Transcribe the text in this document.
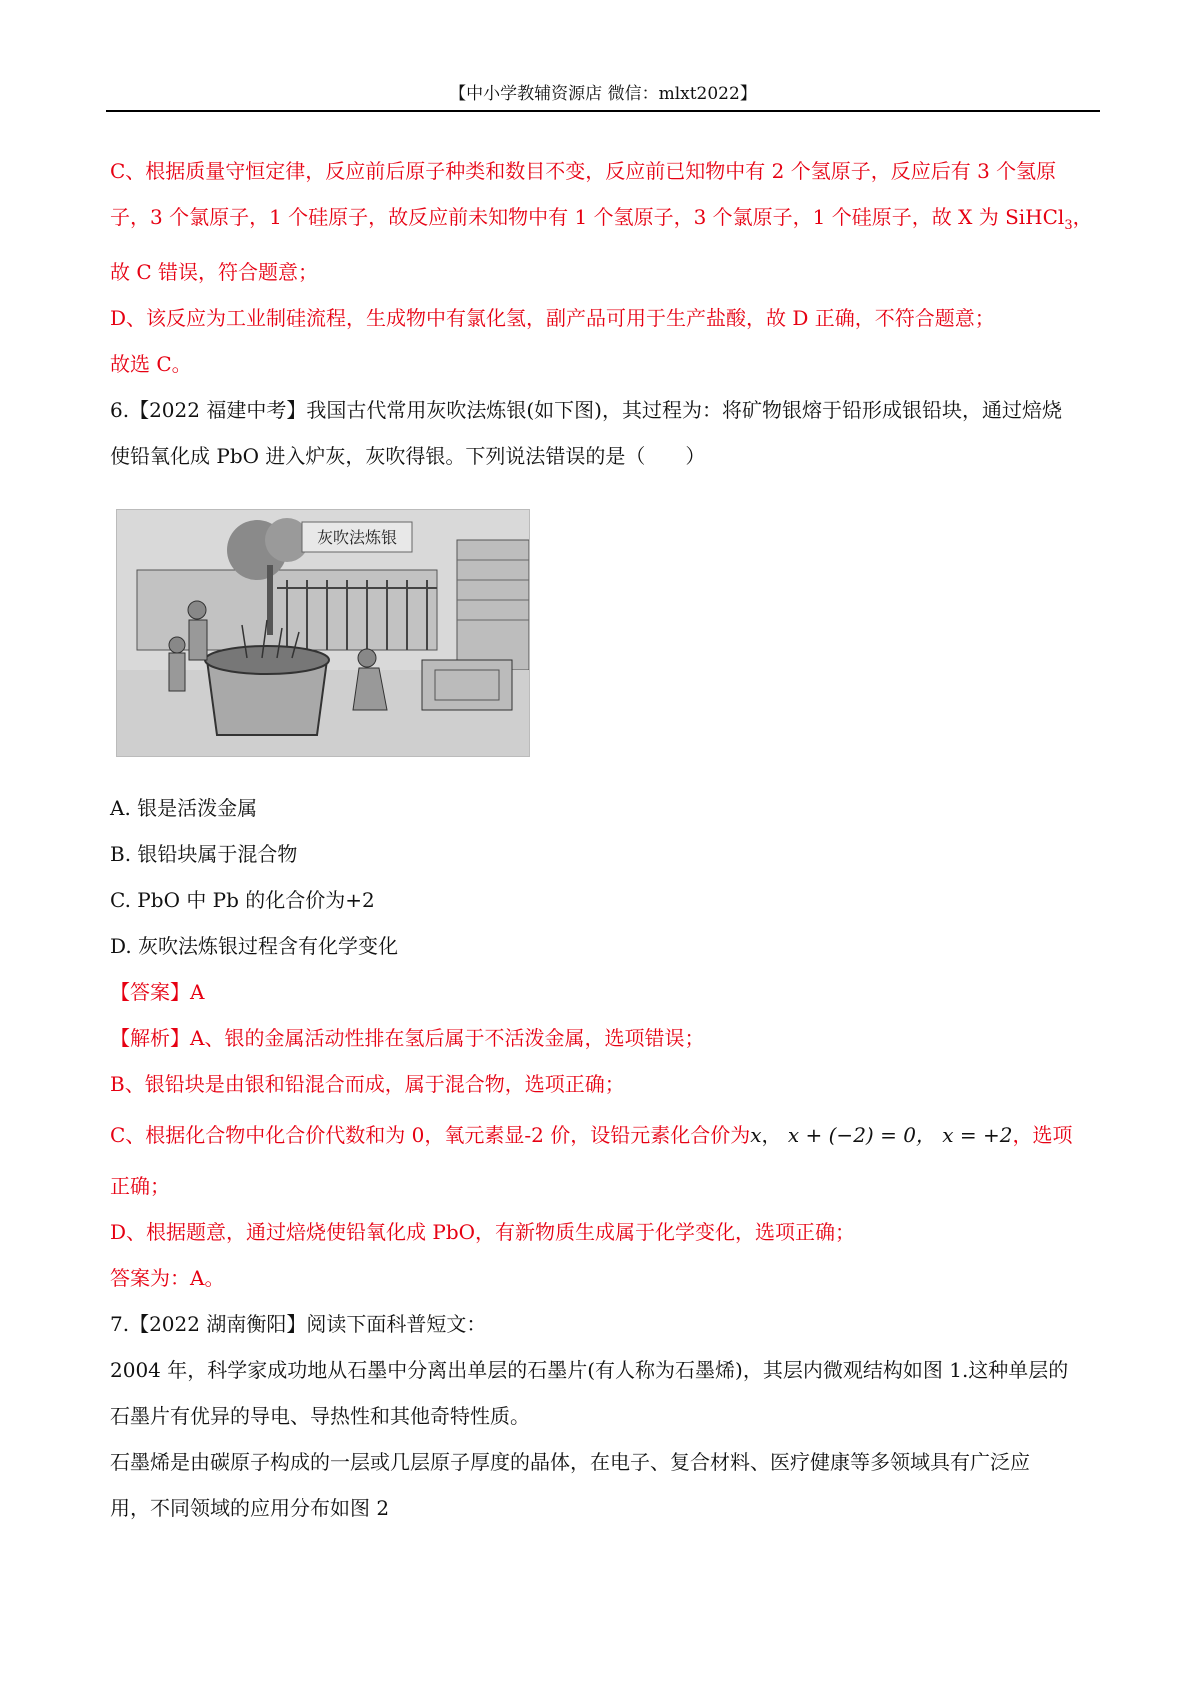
【中小学教辅资源店 微信：mlxt2022】

C、根据质量守恒定律，反应前后原子种类和数目不变，反应前已知物中有 2 个氢原子，反应后有 3 个氢原

子，3 个氯原子，1 个硅原子，故反应前未知物中有 1 个氢原子，3 个氯原子，1 个硅原子，故 X 为 SiHCl$_3$，

故 C 错误，符合题意；

D、该反应为工业制硅流程，生成物中有氯化氢，副产品可用于生产盐酸，故 D 正确，不符合题意；

故选 C。

6.【2022 福建中考】我国古代常用灰吹法炼银(如下图)，其过程为：将矿物银熔于铅形成银铅块，通过焙烧

使铅氧化成 PbO 进入炉灰，灰吹得银。下列说法错误的是（　　）

灰吹法炼银

A. 银是活泼金属

B. 银铅块属于混合物

C. PbO 中 Pb 的化合价为+2

D. 灰吹法炼银过程含有化学变化

【答案】A

【解析】A、银的金属活动性排在氢后属于不活泼金属，选项错误；

B、银铅块是由银和铅混合而成，属于混合物，选项正确；

C、根据化合物中化合价代数和为 0，氧元素显-2 价，设铅元素化合价为x， x + (−2) = 0， x = +2，选项

正确；

D、根据题意，通过焙烧使铅氧化成 PbO，有新物质生成属于化学变化，选项正确；

答案为：A。

7.【2022 湖南衡阳】阅读下面科普短文：

2004 年，科学家成功地从石墨中分离出单层的石墨片(有人称为石墨烯)，其层内微观结构如图 1.这种单层的

石墨片有优异的导电、导热性和其他奇特性质。

石墨烯是由碳原子构成的一层或几层原子厚度的晶体，在电子、复合材料、医疗健康等多领域具有广泛应

用，不同领域的应用分布如图 2
